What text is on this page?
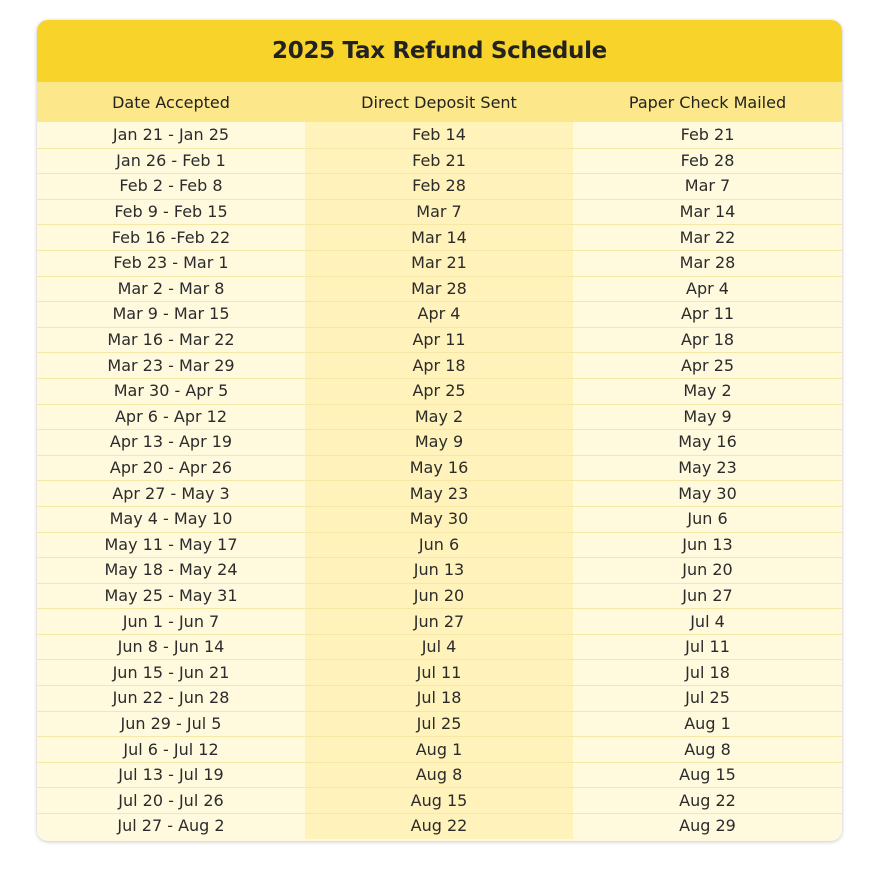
2025 Tax Refund Schedule
Date Accepted	Direct Deposit Sent	Paper Check Mailed
Jan 21 - Jan 25	Feb 14	Feb 21
Jan 26 - Feb 1	Feb 21	Feb 28
Feb 2 - Feb 8	Feb 28	Mar 7
Feb 9 - Feb 15	Mar 7	Mar 14
Feb 16 -Feb 22	Mar 14	Mar 22
Feb 23 - Mar 1	Mar 21	Mar 28
Mar 2 - Mar 8	Mar 28	Apr 4
Mar 9 - Mar 15	Apr 4	Apr 11
Mar 16 - Mar 22	Apr 11	Apr 18
Mar 23 - Mar 29	Apr 18	Apr 25
Mar 30 - Apr 5	Apr 25	May 2
Apr 6 - Apr 12	May 2	May 9
Apr 13 - Apr 19	May 9	May 16
Apr 20 - Apr 26	May 16	May 23
Apr 27 - May 3	May 23	May 30
May 4 - May 10	May 30	Jun 6
May 11 - May 17	Jun 6	Jun 13
May 18 - May 24	Jun 13	Jun 20
May 25 - May 31	Jun 20	Jun 27
Jun 1 - Jun 7	Jun 27	Jul 4
Jun 8 - Jun 14	Jul 4	Jul 11
Jun 15 - Jun 21	Jul 11	Jul 18
Jun 22 - Jun 28	Jul 18	Jul 25
Jun 29 - Jul 5	Jul 25	Aug 1
Jul 6 - Jul 12	Aug 1	Aug 8
Jul 13 - Jul 19	Aug 8	Aug 15
Jul 20 - Jul 26	Aug 15	Aug 22
Jul 27 - Aug 2	Aug 22	Aug 29
